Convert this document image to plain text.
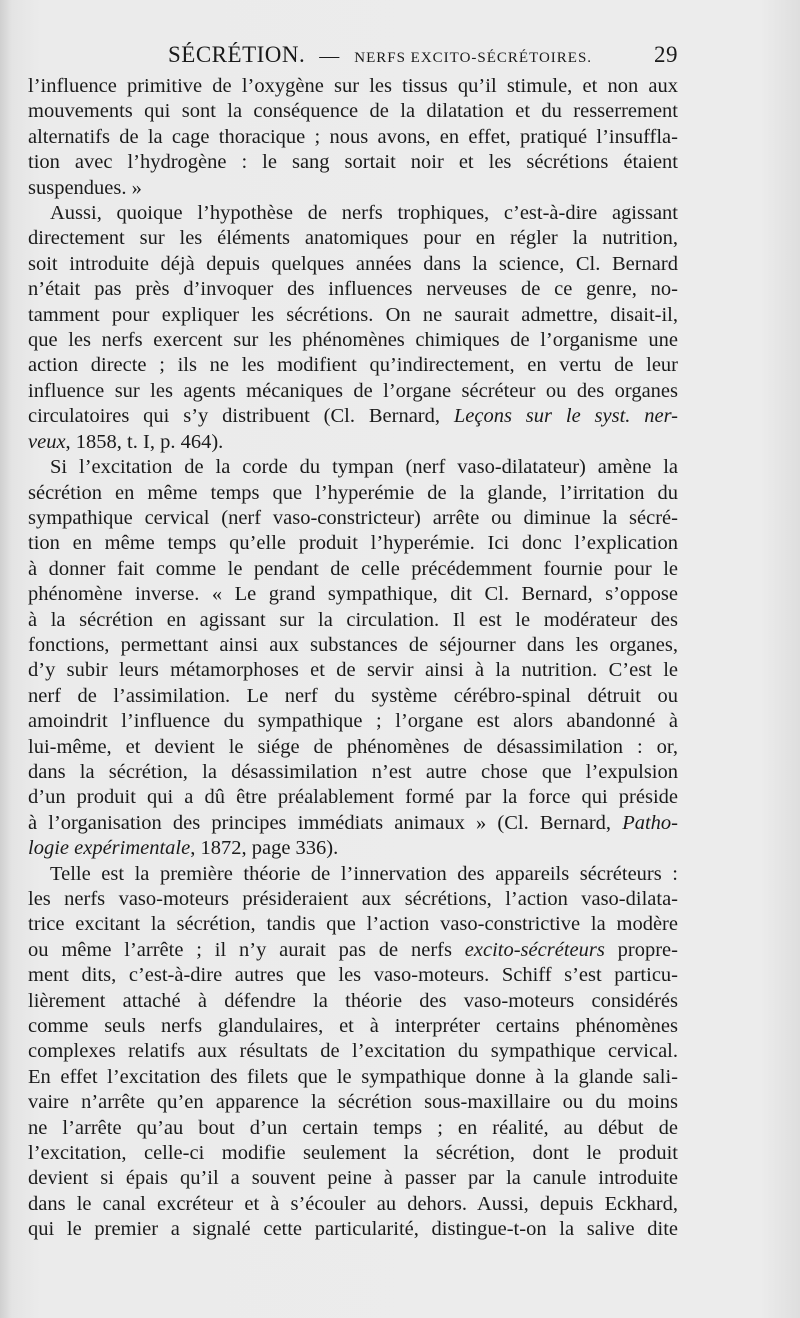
SÉCRÉTION. — NERFS EXCITO-SÉCRÉTOIRES.	29
l’influence primitive de l’oxygène sur les tissus qu’il stimule, et non aux
mouvements qui sont la conséquence de la dilatation et du resserrement
alternatifs de la cage thoracique ; nous avons, en effet, pratiqué l’insuffla-
tion avec l’hydrogène : le sang sortait noir et les sécrétions étaient
suspendues. »
Aussi, quoique l’hypothèse de nerfs trophiques, c’est-à-dire agissant
directement sur les éléments anatomiques pour en régler la nutrition,
soit introduite déjà depuis quelques années dans la science, Cl. Bernard
n’était pas près d’invoquer des influences nerveuses de ce genre, no-
tamment pour expliquer les sécrétions. On ne saurait admettre, disait-il,
que les nerfs exercent sur les phénomènes chimiques de l’organisme une
action directe ; ils ne les modifient qu’indirectement, en vertu de leur
influence sur les agents mécaniques de l’organe sécréteur ou des organes
circulatoires qui s’y distribuent (Cl. Bernard, Leçons sur le syst. ner-
veux, 1858, t. I, p. 464).
Si l’excitation de la corde du tympan (nerf vaso-dilatateur) amène la
sécrétion en même temps que l’hyperémie de la glande, l’irritation du
sympathique cervical (nerf vaso-constricteur) arrête ou diminue la sécré-
tion en même temps qu’elle produit l’hyperémie. Ici donc l’explication
à donner fait comme le pendant de celle précédemment fournie pour le
phénomène inverse. « Le grand sympathique, dit Cl. Bernard, s’oppose
à la sécrétion en agissant sur la circulation. Il est le modérateur des
fonctions, permettant ainsi aux substances de séjourner dans les organes,
d’y subir leurs métamorphoses et de servir ainsi à la nutrition. C’est le
nerf de l’assimilation. Le nerf du système cérébro-spinal détruit ou
amoindrit l’influence du sympathique ; l’organe est alors abandonné à
lui-même, et devient le siége de phénomènes de désassimilation : or,
dans la sécrétion, la désassimilation n’est autre chose que l’expulsion
d’un produit qui a dû être préalablement formé par la force qui préside
à l’organisation des principes immédiats animaux » (Cl. Bernard, Patho-
logie expérimentale, 1872, page 336).
Telle est la première théorie de l’innervation des appareils sécréteurs :
les nerfs vaso-moteurs présideraient aux sécrétions, l’action vaso-dilata-
trice excitant la sécrétion, tandis que l’action vaso-constrictive la modère
ou même l’arrête ; il n’y aurait pas de nerfs excito-sécréteurs propre-
ment dits, c’est-à-dire autres que les vaso-moteurs. Schiff s’est particu-
lièrement attaché à défendre la théorie des vaso-moteurs considérés
comme seuls nerfs glandulaires, et à interpréter certains phénomènes
complexes relatifs aux résultats de l’excitation du sympathique cervical.
En effet l’excitation des filets que le sympathique donne à la glande sali-
vaire n’arrête qu’en apparence la sécrétion sous-maxillaire ou du moins
ne l’arrête qu’au bout d’un certain temps ; en réalité, au début de
l’excitation, celle-ci modifie seulement la sécrétion, dont le produit
devient si épais qu’il a souvent peine à passer par la canule introduite
dans le canal excréteur et à s’écouler au dehors. Aussi, depuis Eckhard,
qui le premier a signalé cette particularité, distingue-t-on la salive dite
